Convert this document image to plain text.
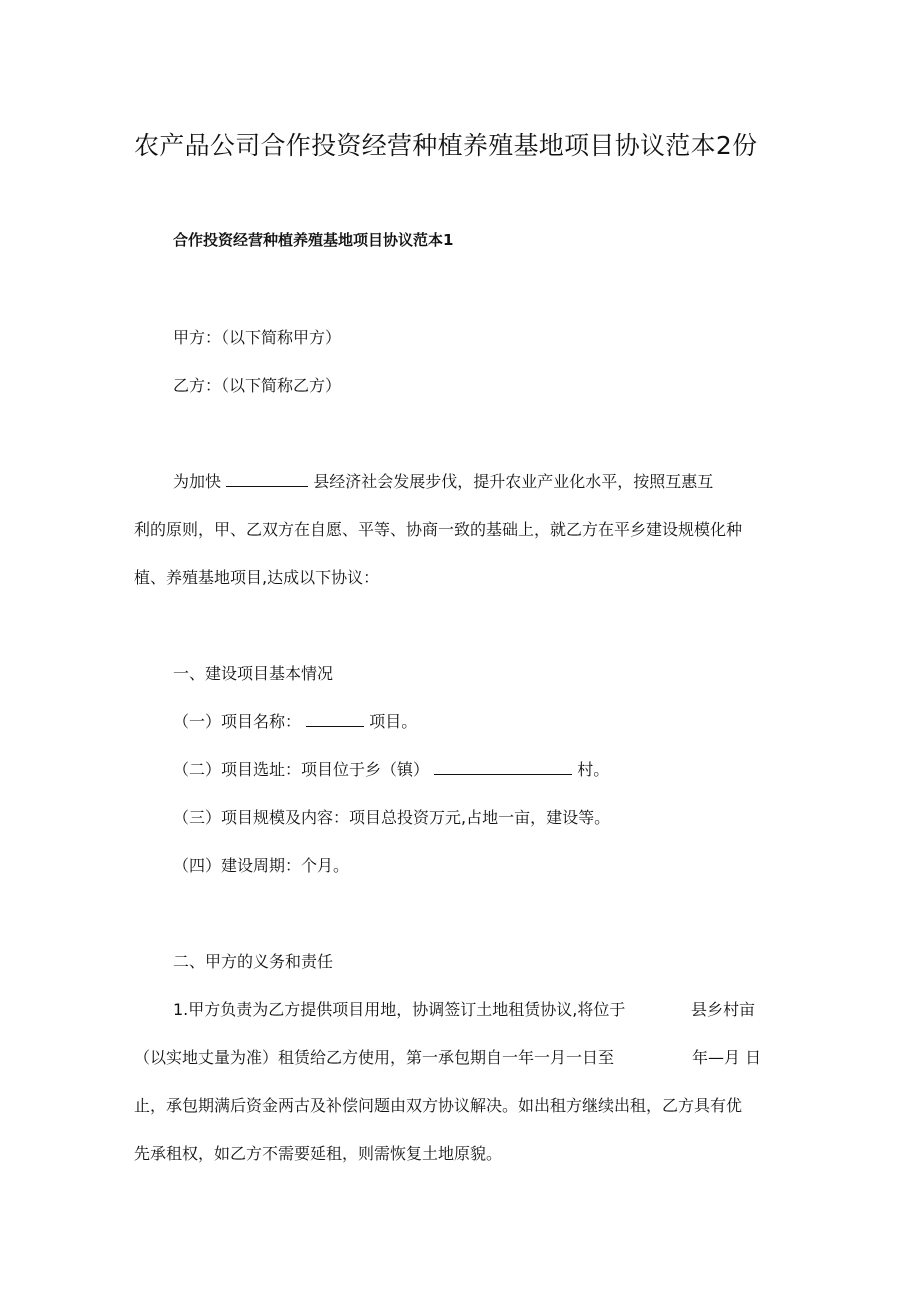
农产品公司合作投资经营种植养殖基地项目协议范本2份
合作投资经营种植养殖基地项目协议范本1
甲方：（以下简称甲方）
乙方：（以下简称乙方）
为加快	县经济社会发展步伐，提升农业产业化水平，按照互惠互
利的原则，甲、乙双方在自愿、平等、协商一致的基础上，就乙方在平乡建设规模化种
植、养殖基地项目,达成以下协议：
一、建设项目基本情况
（一）项目名称：	项目。
（二）项目选址：项目位于乡（镇）	村。
（三）项目规模及内容：项目总投资万元,占地一亩，建设等。
（四）建设周期：个月。
二、甲方的义务和责任
1.甲方负责为乙方提供项目用地，协调签订土地租赁协议,将位于	县乡村亩
（以实地丈量为准）租赁给乙方使用，第一承包期自一年一月一日至	年—月 日
止，承包期满后资金两古及补偿问题由双方协议解决。如出租方继续出租，乙方具有优
先承租权，如乙方不需要延租，则需恢复土地原貌。
